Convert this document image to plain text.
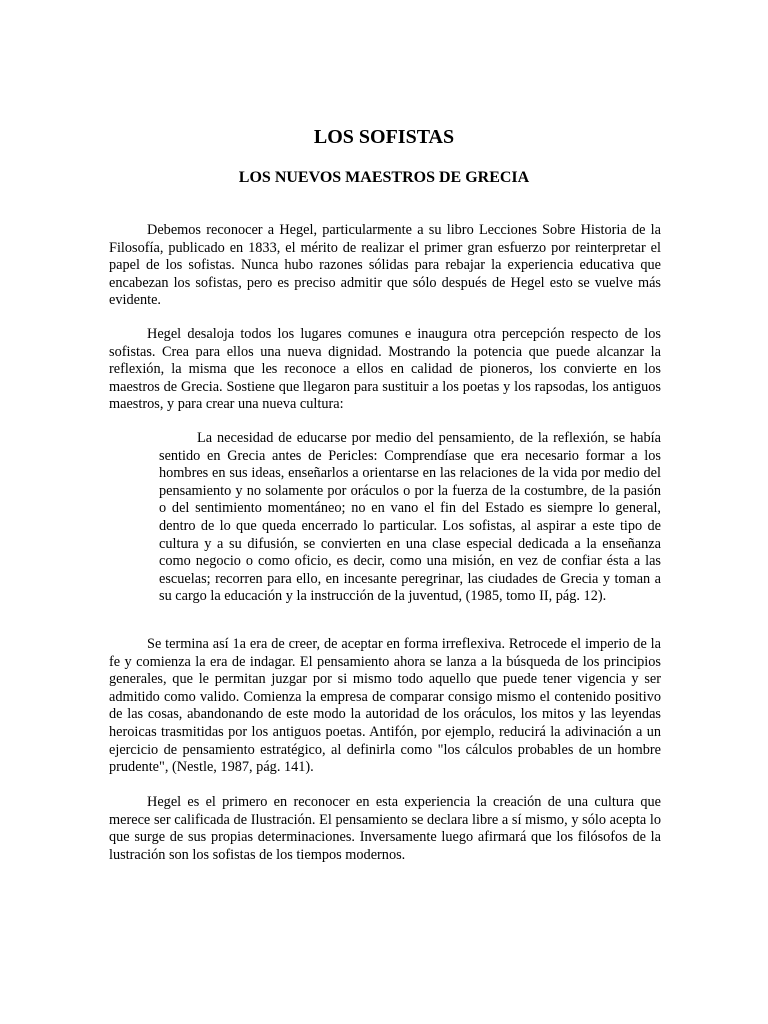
LOS SOFISTAS
LOS NUEVOS MAESTROS DE GRECIA

Debemos reconocer a Hegel, particularmente a su libro Lecciones Sobre Historia de la Filosofía, publicado en 1833, el mérito de realizar el primer gran esfuerzo por reinterpretar el papel de los sofistas. Nunca hubo razones sólidas para rebajar la experiencia educativa que encabezan los sofistas, pero es preciso admitir que sólo después de Hegel esto se vuelve más evidente.

Hegel desaloja todos los lugares comunes e inaugura otra percepción respecto de los sofistas. Crea para ellos una nueva dignidad. Mostrando la potencia que puede alcanzar la reflexión, la misma que les reconoce a ellos en calidad de pioneros, los convierte en los maestros de Grecia. Sostiene que llegaron para sustituir a los poetas y los rapsodas, los antiguos maestros, y para crear una nueva cultura:

La necesidad de educarse por medio del pensamiento, de la reflexión, se había sentido en Grecia antes de Pericles: Comprendíase que era necesario formar a los hombres en sus ideas, enseñarlos a orientarse en las relaciones de la vida por medio del pensamiento y no solamente por oráculos o por la fuerza de la costumbre, de la pasión o del sentimiento momentáneo; no en vano el fin del Estado es siempre lo general, dentro de lo que queda encerrado lo particular. Los sofistas, al aspirar a este tipo de cultura y a su difusión, se convierten en una clase especial dedicada a la enseñanza como negocio o como oficio, es decir, como una misión, en vez de confiar ésta a las escuelas; recorren para ello, en incesante peregrinar, las ciudades de Grecia y toman a su cargo la educación y la instrucción de la juventud, (1985, tomo II, pág. 12).

Se termina así 1a era de creer, de aceptar en forma irreflexiva. Retrocede el imperio de la fe y comienza la era de indagar. El pensamiento ahora se lanza a la búsqueda de los principios generales, que le permitan juzgar por si mismo todo aquello que puede tener vigencia y ser admitido como valido. Comienza la empresa de comparar consigo mismo el contenido positivo de las cosas, abandonando de este modo la autoridad de los oráculos, los mitos y las leyendas heroicas trasmitidas por los antiguos poetas. Antifón, por ejemplo, reducirá la adivinación a un ejercicio de pensamiento estratégico, al definirla como "los cálculos probables de un hombre prudente", (Nestle, 1987, pág. 141).

Hegel es el primero en reconocer en esta experiencia la creación de una cultura que merece ser calificada de Ilustración. El pensamiento se declara libre a sí mismo, y sólo acepta lo que surge de sus propias determinaciones. Inversamente luego afirmará que los filósofos de la lustración son los sofistas de los tiempos modernos.
